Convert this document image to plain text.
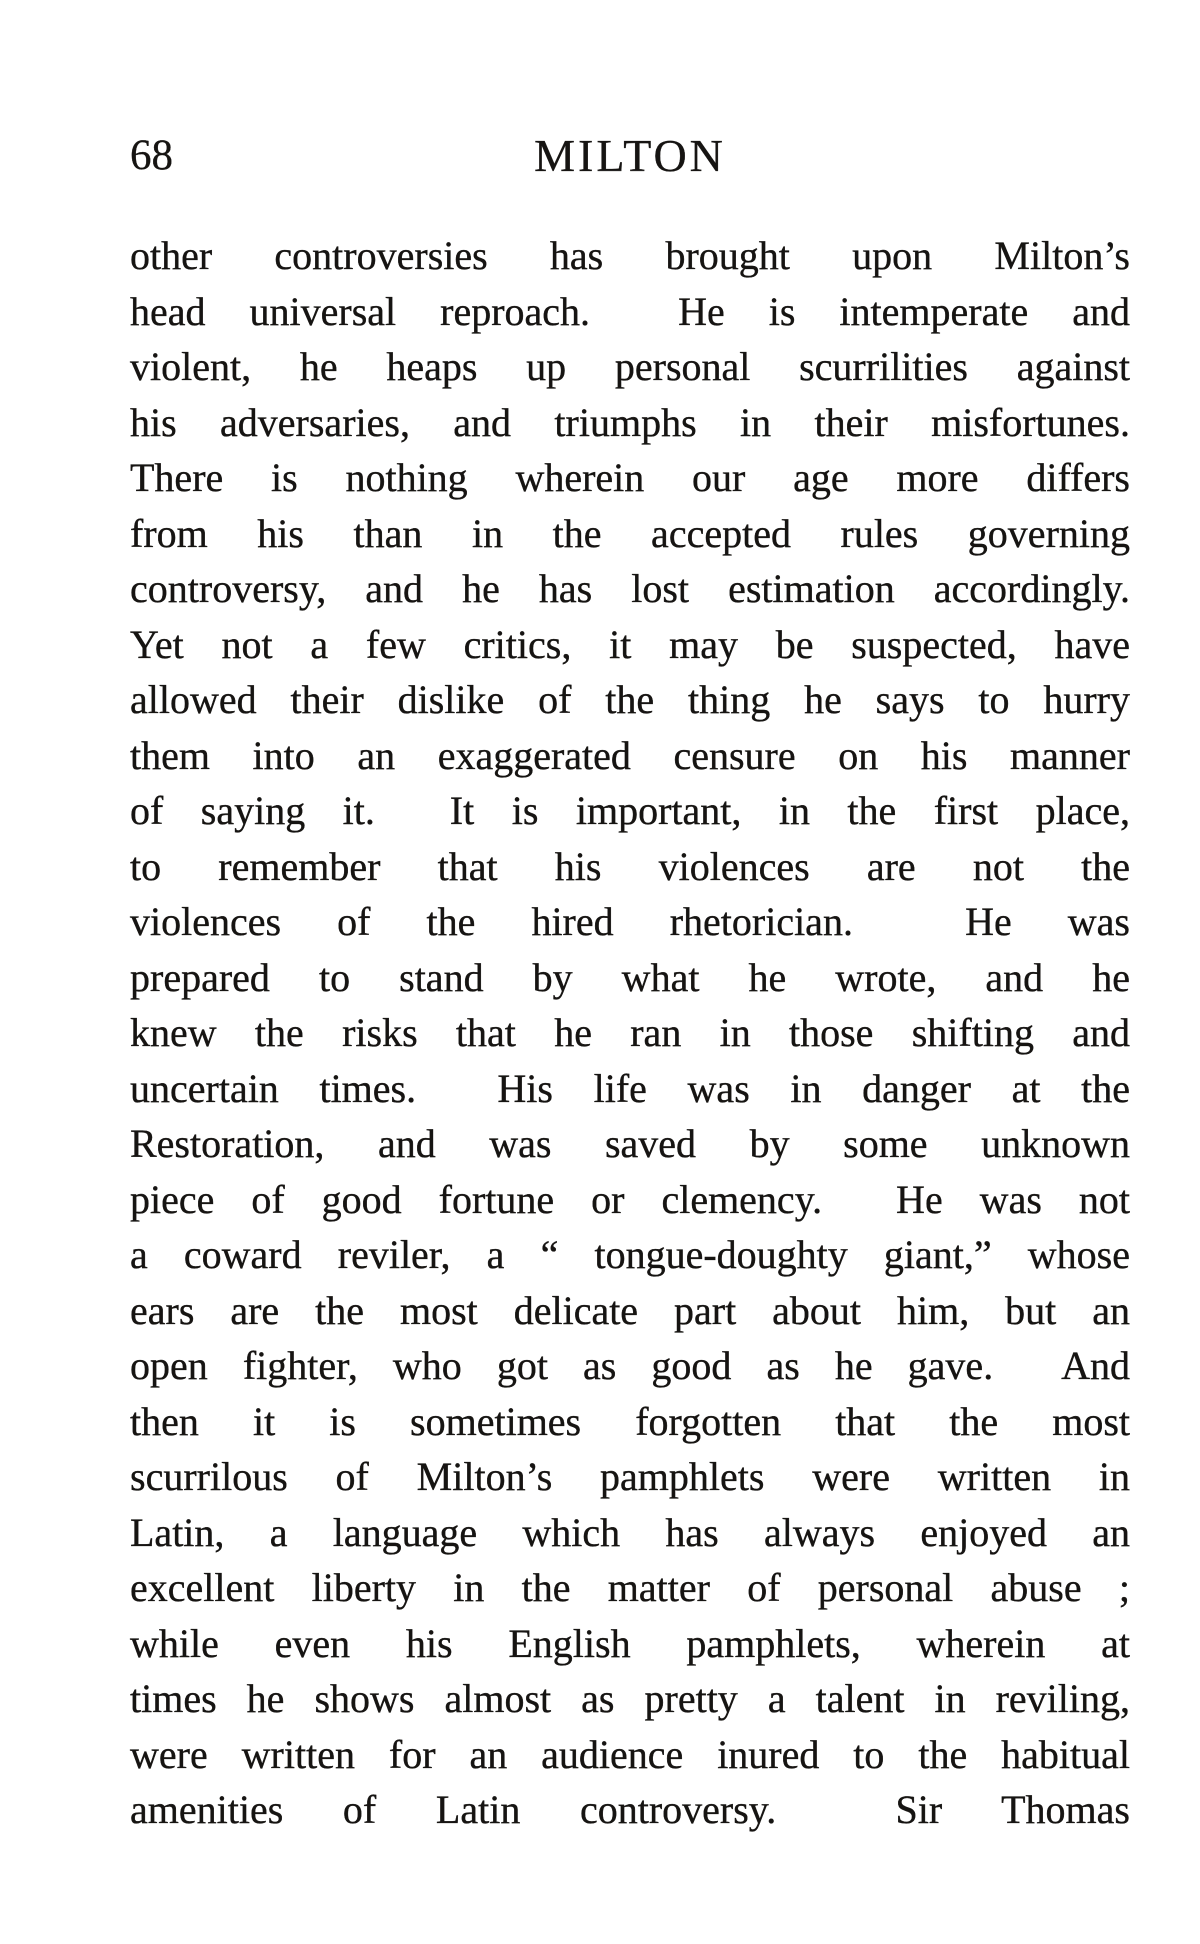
68	MILTON
other controversies has brought upon Milton’s
head universal reproach.  He is intemperate and
violent, he heaps up personal scurrilities against
his adversaries, and triumphs in their misfortunes.
There is nothing wherein our age more differs
from his than in the accepted rules governing
controversy, and he has lost estimation accordingly.
Yet not a few critics, it may be suspected, have
allowed their dislike of the thing he says to hurry
them into an exaggerated censure on his manner
of saying it.  It is important, in the first place,
to remember that his violences are not the
violences of the hired rhetorician.  He was
prepared to stand by what he wrote, and he
knew the risks that he ran in those shifting and
uncertain times.  His life was in danger at the
Restoration, and was saved by some unknown
piece of good fortune or clemency.  He was not
a coward reviler, a “ tongue-doughty giant,” whose
ears are the most delicate part about him, but an
open fighter, who got as good as he gave.  And
then it is sometimes forgotten that the most
scurrilous of Milton’s pamphlets were written in
Latin, a language which has always enjoyed an
excellent liberty in the matter of personal abuse ;
while even his English pamphlets, wherein at
times he shows almost as pretty a talent in reviling,
were written for an audience inured to the habitual
amenities of Latin controversy.  Sir Thomas
